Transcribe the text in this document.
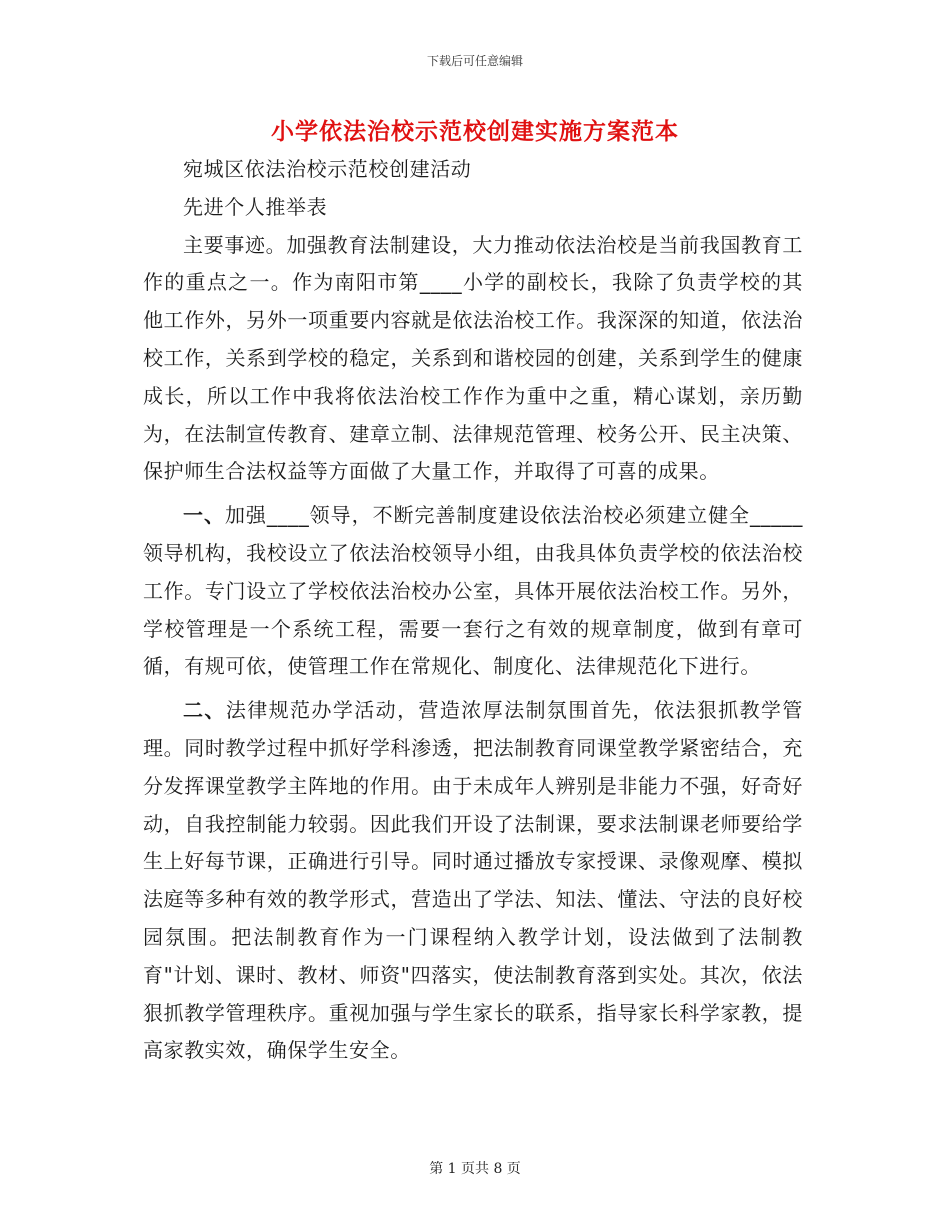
下载后可任意编辑
小学依法治校示范校创建实施方案范本

宛城区依法治校示范校创建活动

先进个人推举表

主要事迹。加强教育法制建设，大力推动依法治校是当前我国教育工作的重点之一。作为南阳市第____小学的副校长，我除了负责学校的其他工作外，另外一项重要内容就是依法治校工作。我深深的知道，依法治校工作，关系到学校的稳定，关系到和谐校园的创建，关系到学生的健康成长，所以工作中我将依法治校工作作为重中之重，精心谋划，亲历勤为，在法制宣传教育、建章立制、法律规范管理、校务公开、民主决策、保护师生合法权益等方面做了大量工作，并取得了可喜的成果。

一、加强____领导，不断完善制度建设依法治校必须建立健全_____领导机构，我校设立了依法治校领导小组，由我具体负责学校的依法治校工作。专门设立了学校依法治校办公室，具体开展依法治校工作。另外，学校管理是一个系统工程，需要一套行之有效的规章制度，做到有章可循，有规可依，使管理工作在常规化、制度化、法律规范化下进行。

二、法律规范办学活动，营造浓厚法制氛围首先，依法狠抓教学管理。同时教学过程中抓好学科渗透，把法制教育同课堂教学紧密结合，充分发挥课堂教学主阵地的作用。由于未成年人辨别是非能力不强，好奇好动，自我控制能力较弱。因此我们开设了法制课，要求法制课老师要给学生上好每节课，正确进行引导。同时通过播放专家授课、录像观摩、模拟法庭等多种有效的教学形式，营造出了学法、知法、懂法、守法的良好校园氛围。把法制教育作为一门课程纳入教学计划，设法做到了法制教育"计划、课时、教材、师资"四落实，使法制教育落到实处。其次，依法狠抓教学管理秩序。重视加强与学生家长的联系，指导家长科学家教，提高家教实效，确保学生安全。

第 1 页共 8 页
